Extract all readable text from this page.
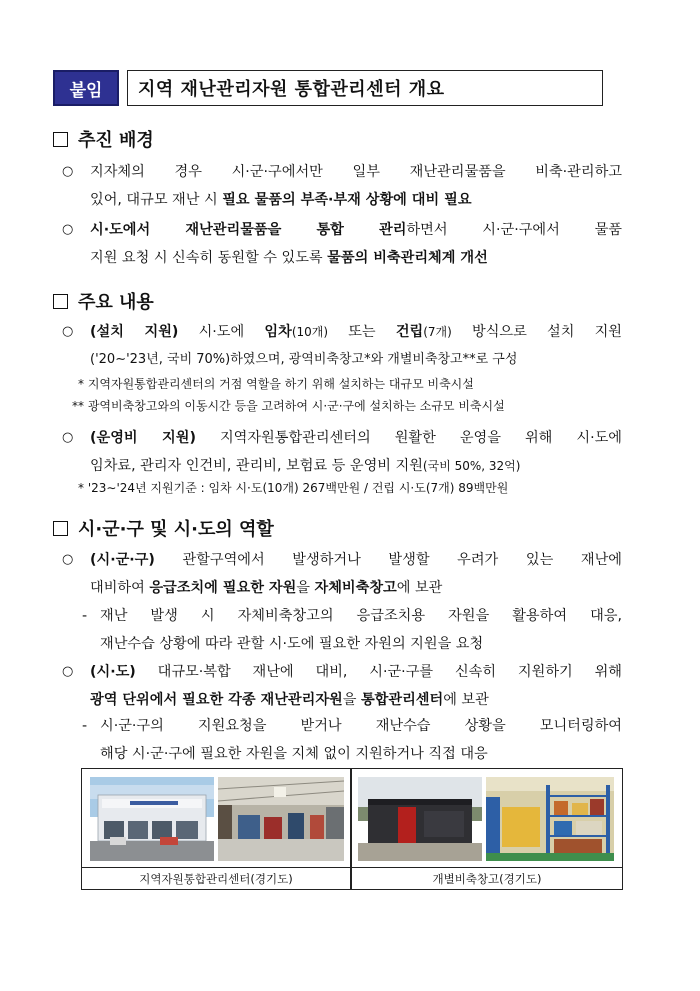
붙임	지역 재난관리자원 통합관리센터 개요
추진 배경
○ 지자체의 경우 시·군·구에서만 일부 재난관리물품을 비축·관리하고
있어, 대규모 재난 시 필요 물품의 부족·부재 상황에 대비 필요
○ 시·도에서 재난관리물품을 통합 관리하면서 시·군·구에서 물품
지원 요청 시 신속히 동원할 수 있도록 물품의 비축관리체계 개선
주요 내용
○ (설치 지원) 시·도에 임차(10개) 또는 건립(7개) 방식으로 설치 지원
('20∼'23년, 국비 70%)하였으며, 광역비축창고*와 개별비축창고**로 구성
* 지역자원통합관리센터의 거점 역할을 하기 위해 설치하는 대규모 비축시설
** 광역비축창고와의 이동시간 등을 고려하여 시·군·구에 설치하는 소규모 비축시설
○ (운영비 지원) 지역자원통합관리센터의 원활한 운영을 위해 시·도에
임차료, 관리자 인건비, 관리비, 보험료 등 운영비 지원(국비 50%, 32억)
* '23∼'24년 지원기준 : 임차 시·도(10개) 267백만원 / 건립 시·도(7개) 89백만원
시·군·구 및 시·도의 역할
○ (시·군·구) 관할구역에서 발생하거나 발생할 우려가 있는 재난에
대비하여 응급조치에 필요한 자원을 자체비축창고에 보관
- 재난 발생 시 자체비축창고의 응급조치용 자원을 활용하여 대응,
재난수습 상황에 따라 관할 시·도에 필요한 자원의 지원을 요청
○ (시·도) 대규모·복합 재난에 대비, 시·군·구를 신속히 지원하기 위해
광역 단위에서 필요한 각종 재난관리자원을 통합관리센터에 보관
- 시·군·구의 지원요청을 받거나 재난수습 상황을 모니터링하여
해당 시·군·구에 필요한 자원을 지체 없이 지원하거나 직접 대응
지역자원통합관리센터(경기도)	개별비축창고(경기도)
